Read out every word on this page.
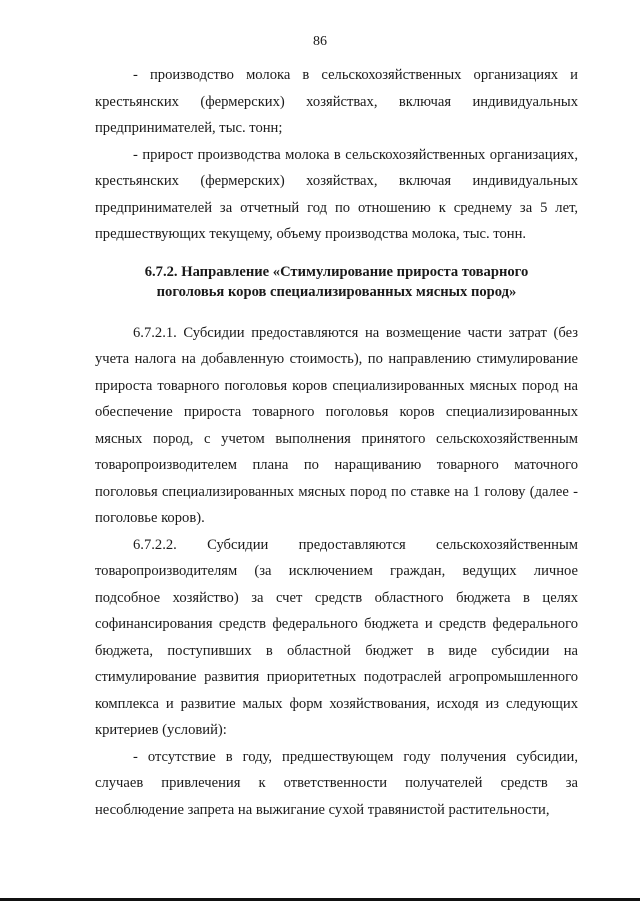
86

- производство молока в сельскохозяйственных организациях и крестьянских (фермерских) хозяйствах, включая индивидуальных предпринимателей, тыс. тонн;

- прирост производства молока в сельскохозяйственных организациях, крестьянских (фермерских) хозяйствах, включая индивидуальных предпринимателей за отчетный год по отношению к среднему за 5 лет, предшествующих текущему, объему производства молока, тыс. тонн.

6.7.2. Направление «Стимулирование прироста товарного
поголовья коров специализированных мясных пород»

6.7.2.1. Субсидии предоставляются на возмещение части затрат (без учета налога на добавленную стоимость), по направлению стимулирование прироста товарного поголовья коров специализированных мясных пород на обеспечение прироста товарного поголовья коров специализированных мясных пород, с учетом выполнения принятого сельскохозяйственным товаропроизводителем плана по наращиванию товарного маточного поголовья специализированных мясных пород по ставке на 1 голову (далее - поголовье коров).

6.7.2.2. Субсидии предоставляются сельскохозяйственным товаропроизводителям (за исключением граждан, ведущих личное подсобное хозяйство) за счет средств областного бюджета в целях софинансирования средств федерального бюджета и средств федерального бюджета, поступивших в областной бюджет в виде субсидии на стимулирование развития приоритетных подотраслей агропромышленного комплекса и развитие малых форм хозяйствования, исходя из следующих критериев (условий):

- отсутствие в году, предшествующем году получения субсидии, случаев привлечения к ответственности получателей средств за несоблюдение запрета на выжигание сухой травянистой растительности,
